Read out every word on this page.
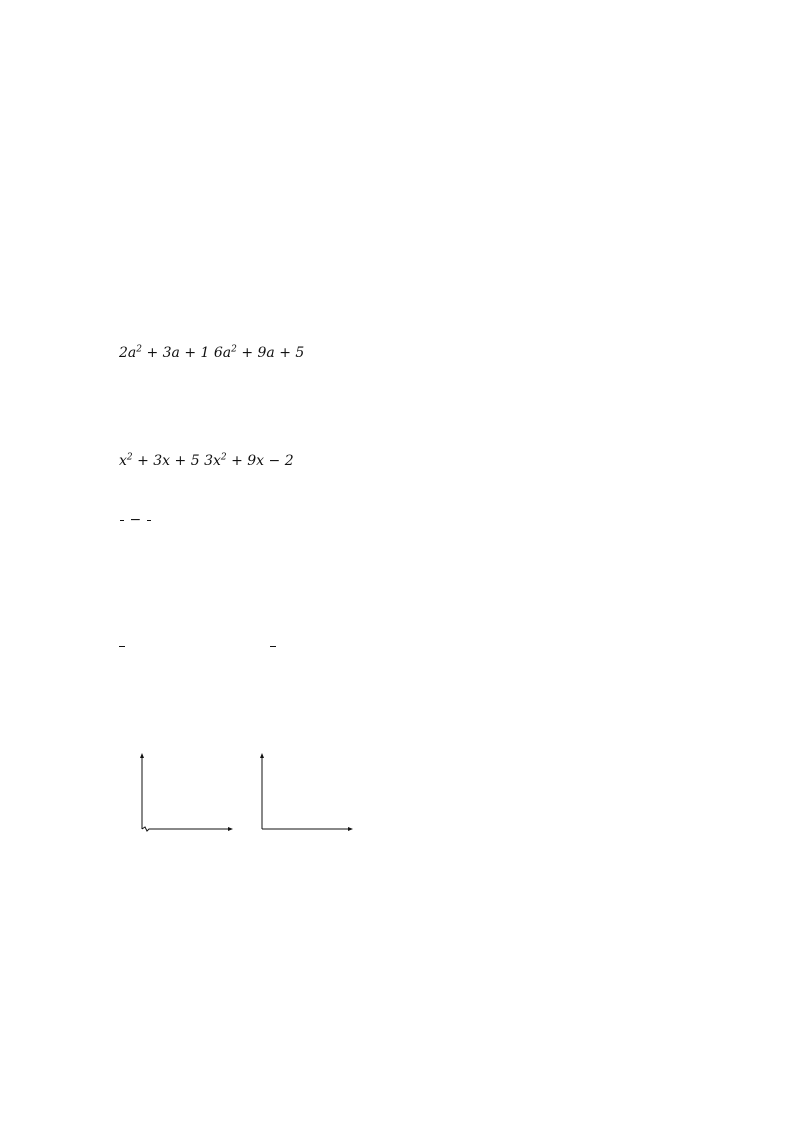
$2a^2 + 3a + 1$ $6a^2 + 9a + 5$
$x^2 + 3x + 5$ $3x^2 + 9x - 2$
−
